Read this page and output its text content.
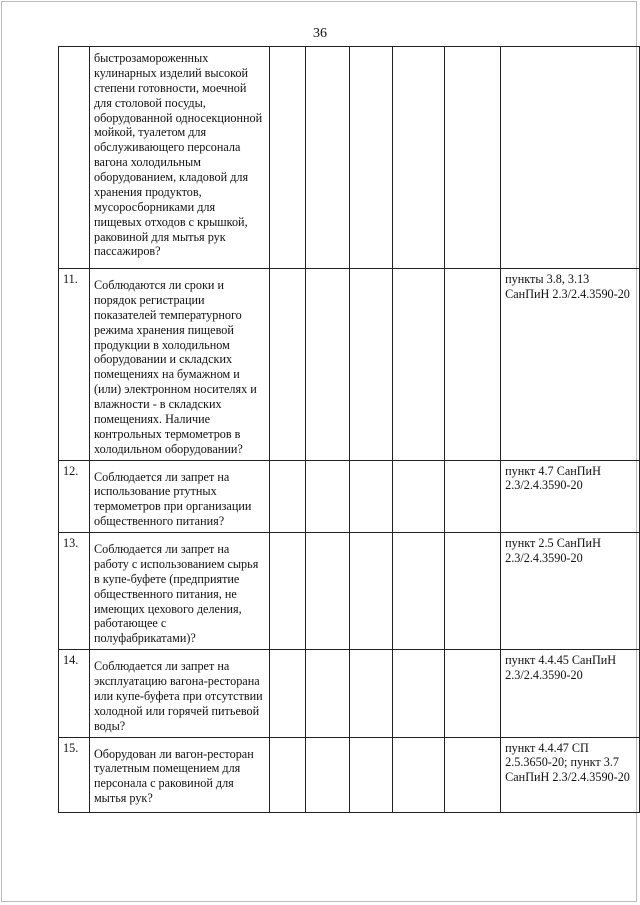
36

	быстрозамороженных кулинарных изделий высокой степени готовности, моечной для столовой посуды, оборудованной односекционной мойкой, туалетом для обслуживающего персонала вагона холодильным оборудованием, кладовой для хранения продуктов, мусоросборниками для пищевых отходов с крышкой, раковиной для мытья рук пассажиров?						

11.	Соблюдаются ли сроки и порядок регистрации показателей температурного режима хранения пищевой продукции в холодильном оборудовании и складских помещениях на бумажном и (или) электронном носителях и влажности - в складских помещениях. Наличие контрольных термометров в холодильном оборудовании?						пункты 3.8, 3.13 СанПиН 2.3/2.4.3590-20
12.	Соблюдается ли запрет на использование ртутных термометров при организации общественного питания?						пункт 4.7 СанПиН 2.3/2.4.3590-20
13.	Соблюдается ли запрет на работу с использованием сырья в купе-буфете (предприятие общественного питания, не имеющих цехового деления, работающее с полуфабрикатами)?						пункт 2.5 СанПиН 2.3/2.4.3590-20
14.	Соблюдается ли запрет на эксплуатацию вагона-ресторана или купе-буфета при отсутствии холодной или горячей питьевой воды?						пункт 4.4.45 СанПиН 2.3/2.4.3590-20
15.	Оборудован ли вагон-ресторан туалетным помещением для персонала с раковиной для мытья рук?						пункт 4.4.47 СП 2.5.3650-20; пункт 3.7 СанПиН 2.3/2.4.3590-20
